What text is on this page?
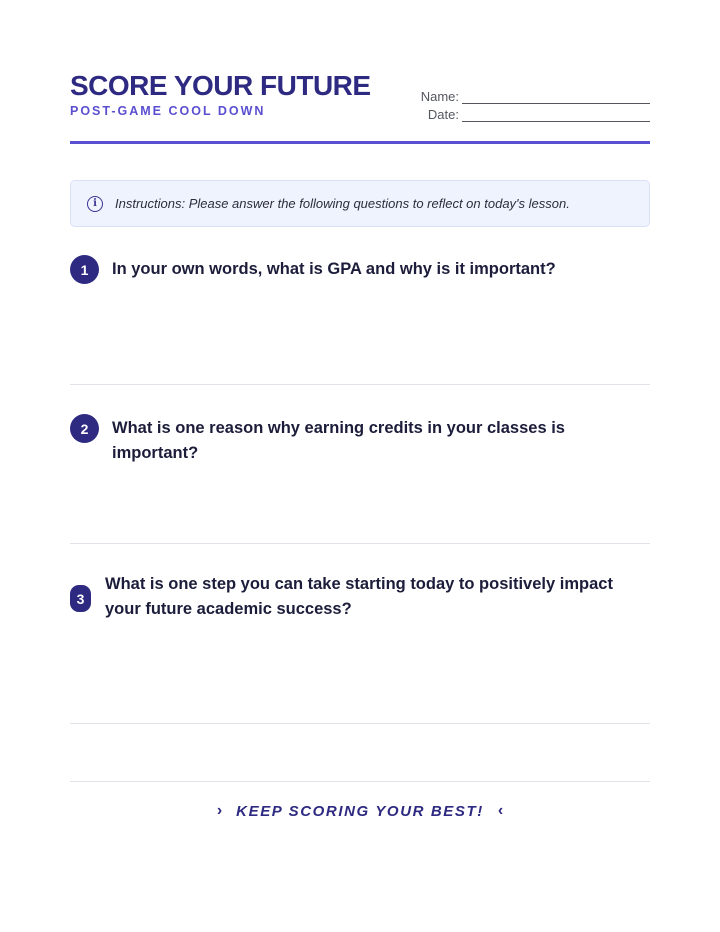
SCORE YOUR FUTURE
POST-GAME COOL DOWN
Name:
Date:
i	Instructions: Please answer the following questions to reflect on today's lesson.
1	In your own words, what is GPA and why is it important?
2	What is one reason why earning credits in your classes is important?
3
What is one step you can take starting today to positively impact your future academic success?
› KEEP SCORING YOUR BEST! ‹
